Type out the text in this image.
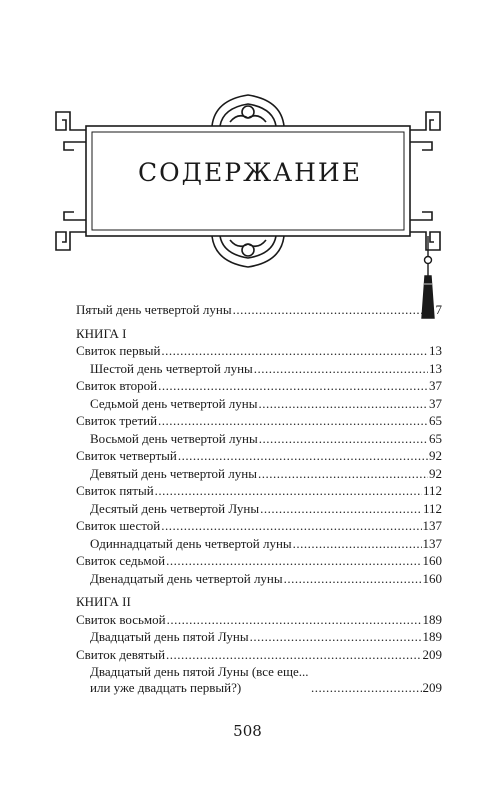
СОДЕРЖАНИЕ
Пятый день четвертой луны .....	7
КНИГА I
Свиток первый .....	13
Шестой день четвертой луны .....	13
Свиток второй .....	37
Седьмой день четвертой луны .....	37
Свиток третий .....	65
Восьмой день четвертой луны .....	65
Свиток четвертый .....	92
Девятый день четвертой луны .....	92
Свиток пятый .....	112
Десятый день четвертой Луны .....	112
Свиток шестой .....	137
Одиннадцатый день четвертой луны .....	137
Свиток седьмой .....	160
Двенадцатый день четвертой луны .....	160
КНИГА II
Свиток восьмой .....	189
Двадцатый день пятой Луны .....	189
Свиток девятый .....	209
Двадцатый день пятой Луны (все еще... или уже двадцать первый?) .....	209
508
